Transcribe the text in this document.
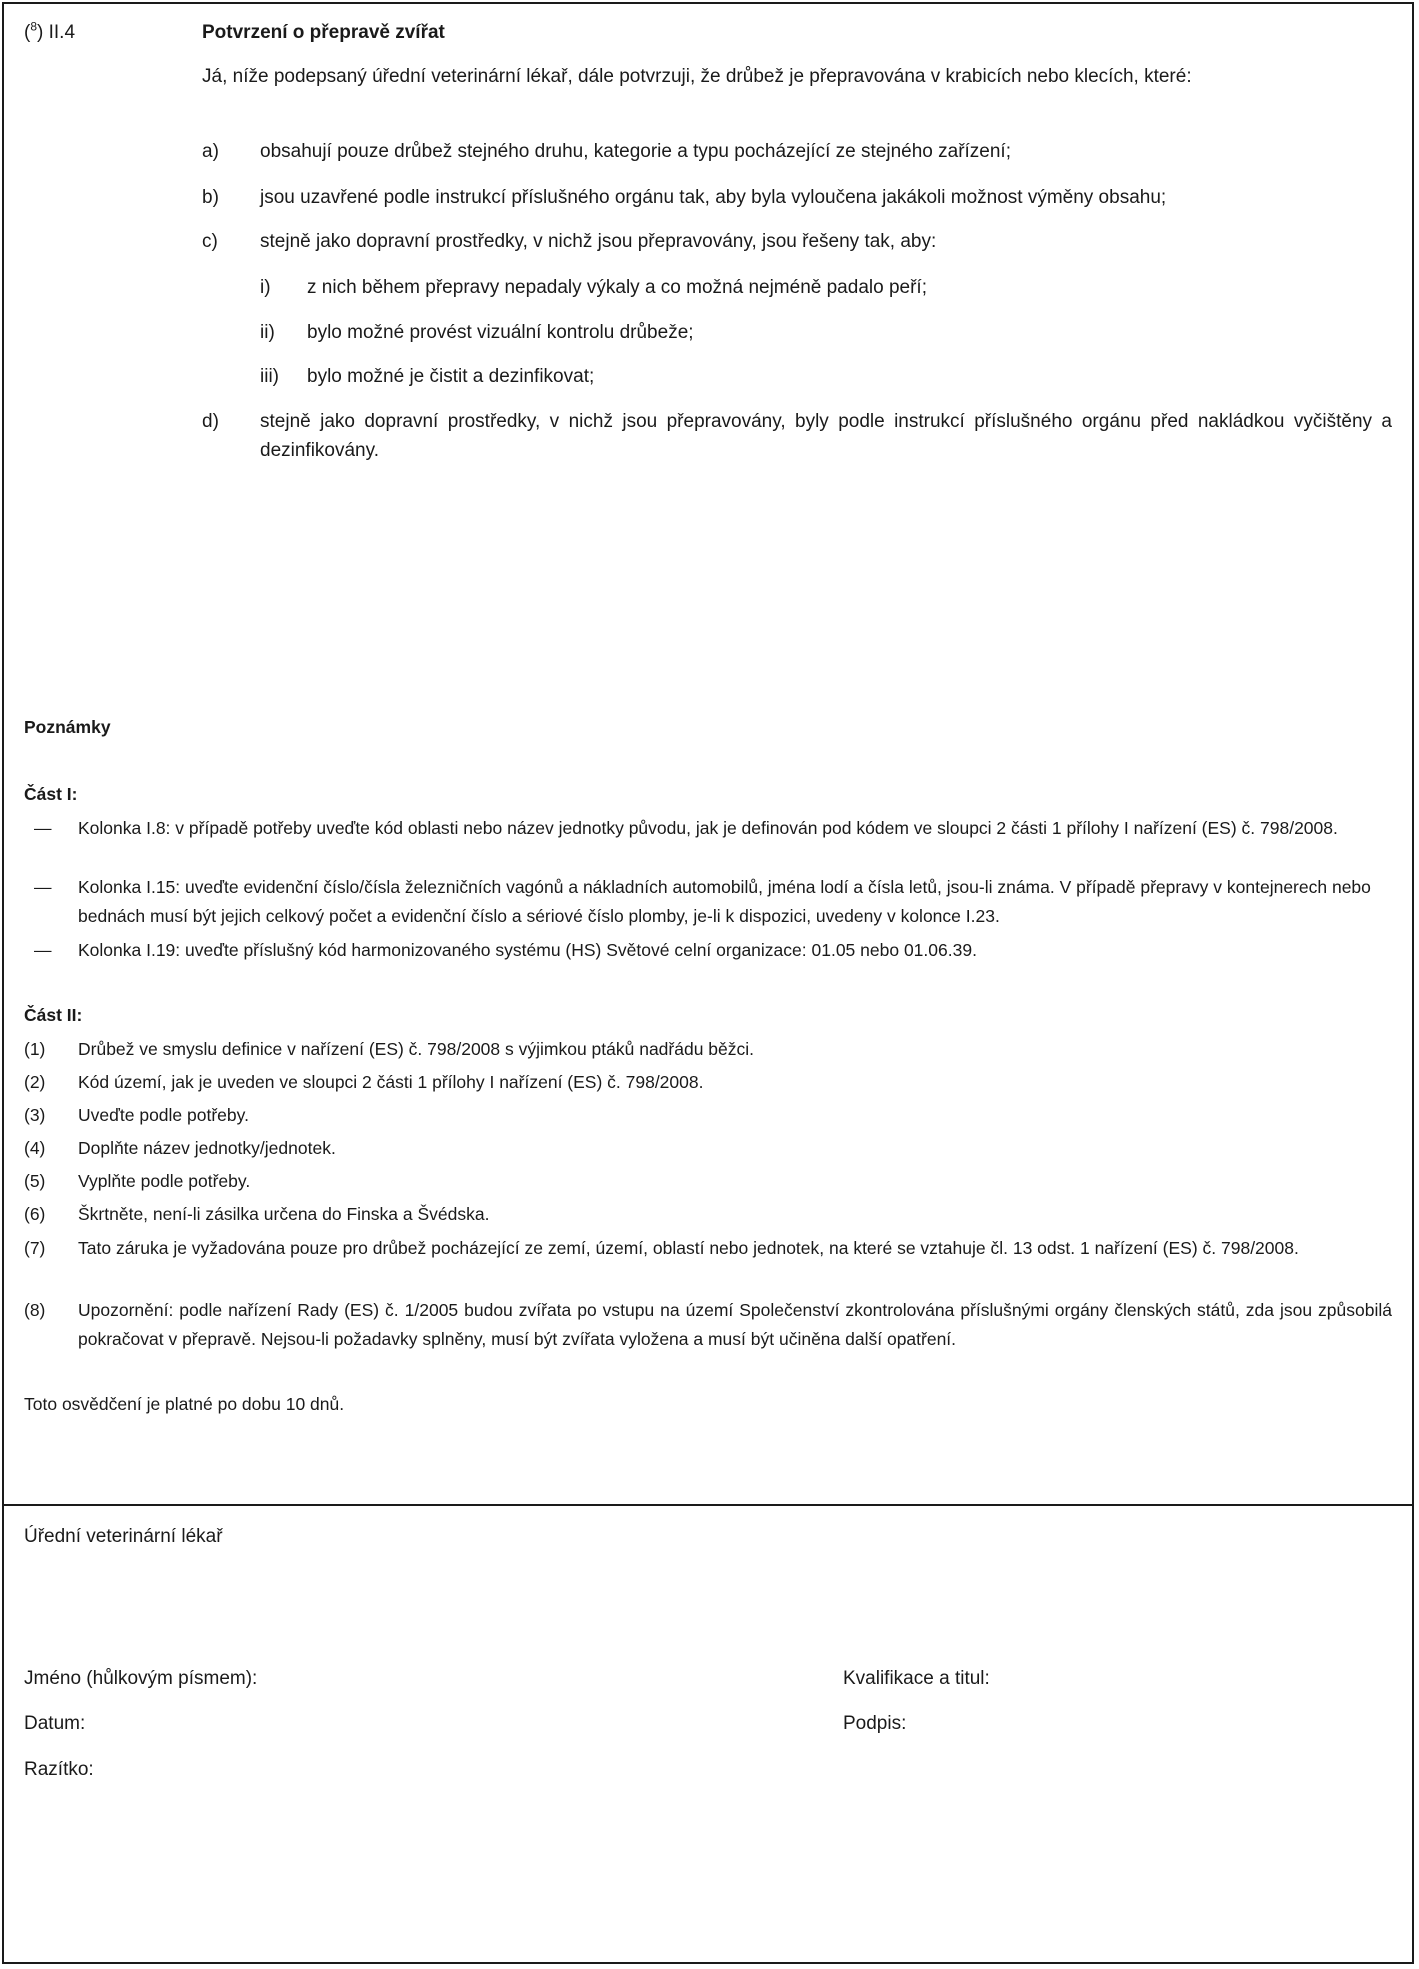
($^8$) II.4	Potvrzení o přepravě zvířat
Já, níže podepsaný úřední veterinární lékař, dále potvrzuji, že drůbež je přepravována v krabicích nebo klecích, které:
a) obsahují pouze drůbež stejného druhu, kategorie a typu pocházející ze stejného zařízení;
b) jsou uzavřené podle instrukcí příslušného orgánu tak, aby byla vyloučena jakákoli možnost výměny obsahu;
c) stejně jako dopravní prostředky, v nichž jsou přepravovány, jsou řešeny tak, aby:
i) z nich během přepravy nepadaly výkaly a co možná nejméně padalo peří;
ii) bylo možné provést vizuální kontrolu drůbeže;
iii) bylo možné je čistit a dezinfikovat;
d) stejně jako dopravní prostředky, v nichž jsou přepravovány, byly podle instrukcí příslušného orgánu před nakládkou vyčištěny a dezinfikovány.
Poznámky
Část I:
— Kolonka I.8: v případě potřeby uveďte kód oblasti nebo název jednotky původu, jak je definován pod kódem ve sloupci 2 části 1 přílohy I nařízení (ES) č. 798/2008.
— Kolonka I.15: uveďte evidenční číslo/čísla železničních vagónů a nákladních automobilů, jména lodí a čísla letů, jsou-li známa. V případě přepravy v kontejnerech nebo bednách musí být jejich celkový počet a evidenční číslo a sériové číslo plomby, je-li k dispozici, uvedeny v kolonce I.23.
— Kolonka I.19: uveďte příslušný kód harmonizovaného systému (HS) Světové celní organizace: 01.05 nebo 01.06.39.
Část II:
(1) Drůbež ve smyslu definice v nařízení (ES) č. 798/2008 s výjimkou ptáků nadřádu běžci.
(2) Kód území, jak je uveden ve sloupci 2 části 1 přílohy I nařízení (ES) č. 798/2008.
(3) Uveďte podle potřeby.
(4) Doplňte název jednotky/jednotek.
(5) Vyplňte podle potřeby.
(6) Škrtněte, není-li zásilka určena do Finska a Švédska.
(7) Tato záruka je vyžadována pouze pro drůbež pocházející ze zemí, území, oblastí nebo jednotek, na které se vztahuje čl. 13 odst. 1 nařízení (ES) č. 798/2008.
(8) Upozornění: podle nařízení Rady (ES) č. 1/2005 budou zvířata po vstupu na území Společenství zkontrolována příslušnými orgány členských států, zda jsou způsobilá pokračovat v přepravě. Nejsou-li požadavky splněny, musí být zvířata vyložena a musí být učiněna další opatření.
Toto osvědčení je platné po dobu 10 dnů.
Úřední veterinární lékař
Jméno (hůlkovým písmem):	Kvalifikace a titul:
Datum:	Podpis:
Razítko:
